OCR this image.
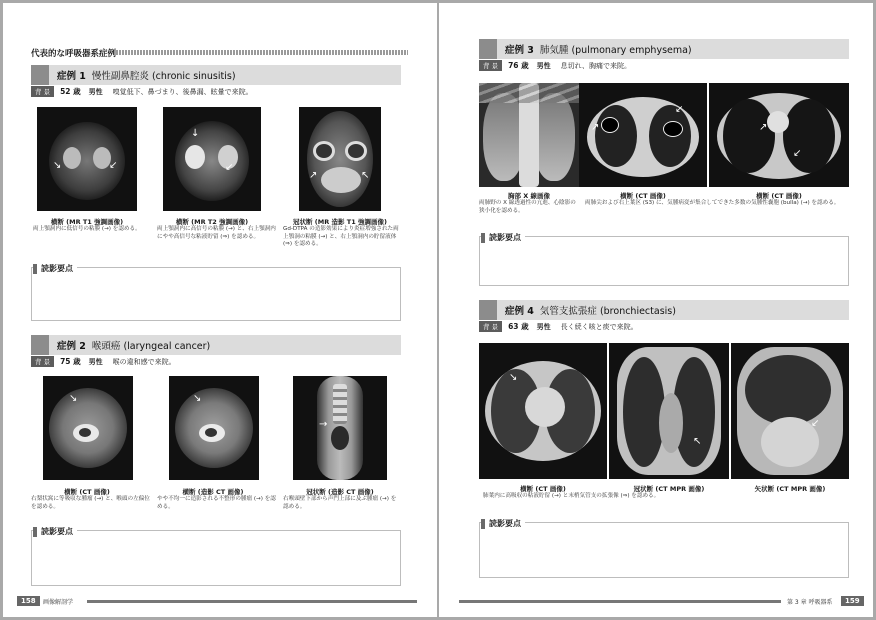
代表的な呼吸器系症例
症例 1 慢性副鼻腔炎 (chronic sinusitis)
背 景	52 歳 男性 嗅覚低下、鼻づまり、後鼻漏、眩暈で来院。
↘	↙
↓
↙
↗	↖
横断 (MR T1 強調画像)
両上顎洞内に低信号の粘膜 (→) を認める。
横断 (MR T2 強調画像)
両上顎洞内に高信号の粘膜 (→) と、右上顎洞内にやや高信号な粘液貯留 (⇒) を認める。
冠状断 (MR 造影 T1 強調画像)
Gd-DTPA の造影効果により炎症増強された両上顎洞の粘膜 (→) と、右上顎洞内の貯留液体 (⇒) を認める。
読影要点
症例 2 喉頭癌 (laryngeal cancer)
背 景	75 歳 男性 喉の違和感で来院。
↘	↘
→
横断 (CT 画像)
右梨状窩に等吸収な腫瘤 (→) と、喉頭の左偏位を認める。
横断 (造影 CT 画像)
やや不均一に造影される不整形の腫瘤 (→) を認める。
冠状断 (造影 CT 画像)
右喉頭壁下部から声門上部に及ぶ腫瘤 (→) を認める。
読影要点
158	画像解剖学
症例 3 肺気腫 (pulmonary emphysema)
背 景	76 歳 男性 息切れ、胸痛で来院。
↙
↗	↗
↙
胸部 X 線画像
両肺野の X 線透過性の亢進、心陰影の狭小化を認める。
横断 (CT 画像)
両肺尖および右上葉区 (S3) に、気腫病変が集合してできた多数の気腫性嚢胞 (bulla) (→) を認める。
横断 (CT 画像)
読影要点
症例 4 気管支拡張症 (bronchiectasis)
背 景	63 歳 男性 長く続く咳と痰で来院。
↘
↖
↙
横断 (CT 画像)
肺葉内に高吸収の粘液貯留 (→) と末梢気管支の拡張像 (⇒) を認める。
冠状断 (CT MPR 画像)	矢状断 (CT MPR 画像)
読影要点
第 3 章 呼吸器系	159
